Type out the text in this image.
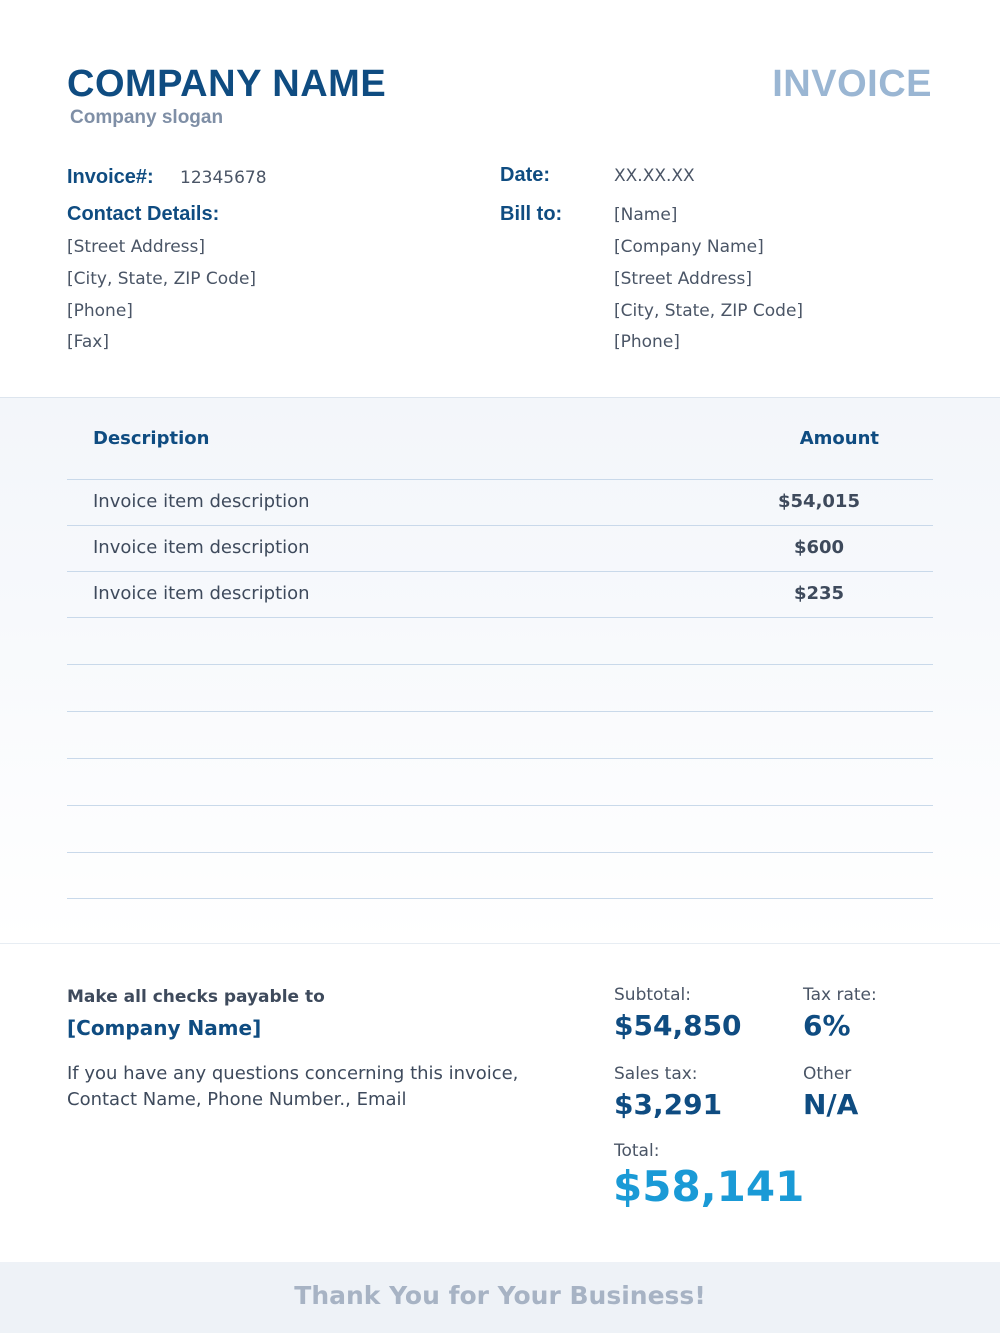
COMPANY NAME
Company slogan
INVOICE
Invoice#: 12345678	Date:	XX.XX.XX
Contact Details:
[Street Address]
[City, State, ZIP Code]
[Phone]
[Fax]
Bill to:	[Name]
[Company Name]
[Street Address]
[City, State, ZIP Code]
[Phone]
Description	Amount
Invoice item description	$54,015
Invoice item description	$600
Invoice item description	$235
Make all checks payable to
[Company Name]
If you have any questions concerning this invoice, Contact Name, Phone Number., Email
Subtotal:
$54,850
Tax rate:
6%
Sales tax:
$3,291
Other
N/A
Total:
$58,141
Thank You for Your Business!
